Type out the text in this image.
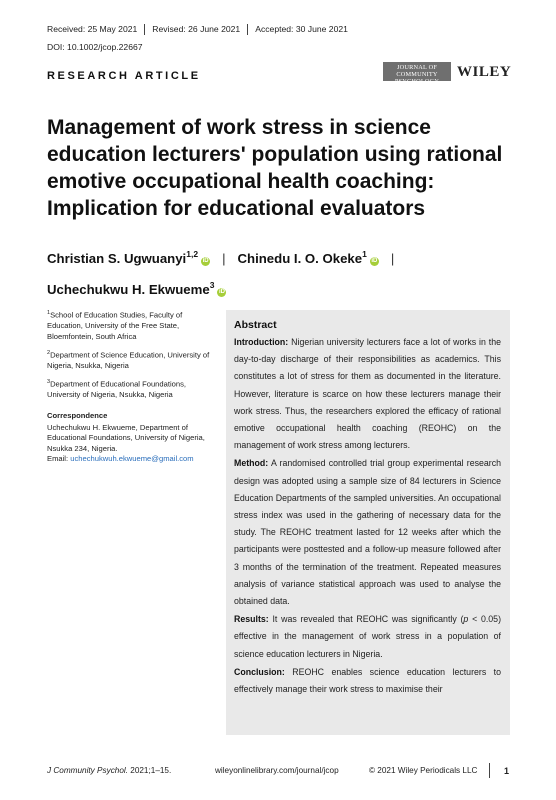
Received: 25 May 2021 Revised: 26 June 2021 Accepted: 30 June 2021
DOI: 10.1002/jcop.22667
RESEARCH ARTICLE
JOURNAL OF
COMMUNITY
PSYCHOLOGY
WILEY
Management of work stress in science education lecturers' population using rational emotive occupational health coaching: Implication for educational evaluators
Christian S. Ugwuanyi$^{1,2}$iD | Chinedu I. O. Okeke$^1$iD |
Uchechukwu H. Ekwueme$^3$iD
$^1$School of Education Studies, Faculty of Education, University of the Free State, Bloemfontein, South Africa
$^2$Department of Science Education, University of Nigeria, Nsukka, Nigeria
$^3$Department of Educational Foundations, University of Nigeria, Nsukka, Nigeria
Correspondence
Uchechukwu H. Ekwueme, Department of Educational Foundations, University of Nigeria, Nsukka 234, Nigeria.
Email: uchechukwuh.ekwueme@gmail.com
Abstract

Introduction: Nigerian university lecturers face a lot of works in the day-to-day discharge of their responsibilities as academics. This constitutes a lot of stress for them as documented in the literature. However, literature is scarce on how these lecturers manage their work stress. Thus, the researchers explored the efficacy of rational emotive occupational health coaching (REOHC) on the management of work stress among lecturers.

Method: A randomised controlled trial group experimental research design was adopted using a sample size of 84 lecturers in Science Education Departments of the sampled universities. An occupational stress index was used in the gathering of necessary data for the study. The REOHC treatment lasted for 12 weeks after which the participants were posttested and a follow-up measure followed after 3 months of the termination of the treatment. Repeated measures analysis of variance statistical approach was used to analyse the obtained data.

Results: It was revealed that REOHC was significantly (p < 0.05) effective in the management of work stress in a population of science education lecturers in Nigeria.

Conclusion: REOHC enables science education lecturers to effectively manage their work stress to maximise their

J Community Psychol. 2021;1–15.	wileyonlinelibrary.com/journal/jcop	© 2021 Wiley Periodicals LLC	1
